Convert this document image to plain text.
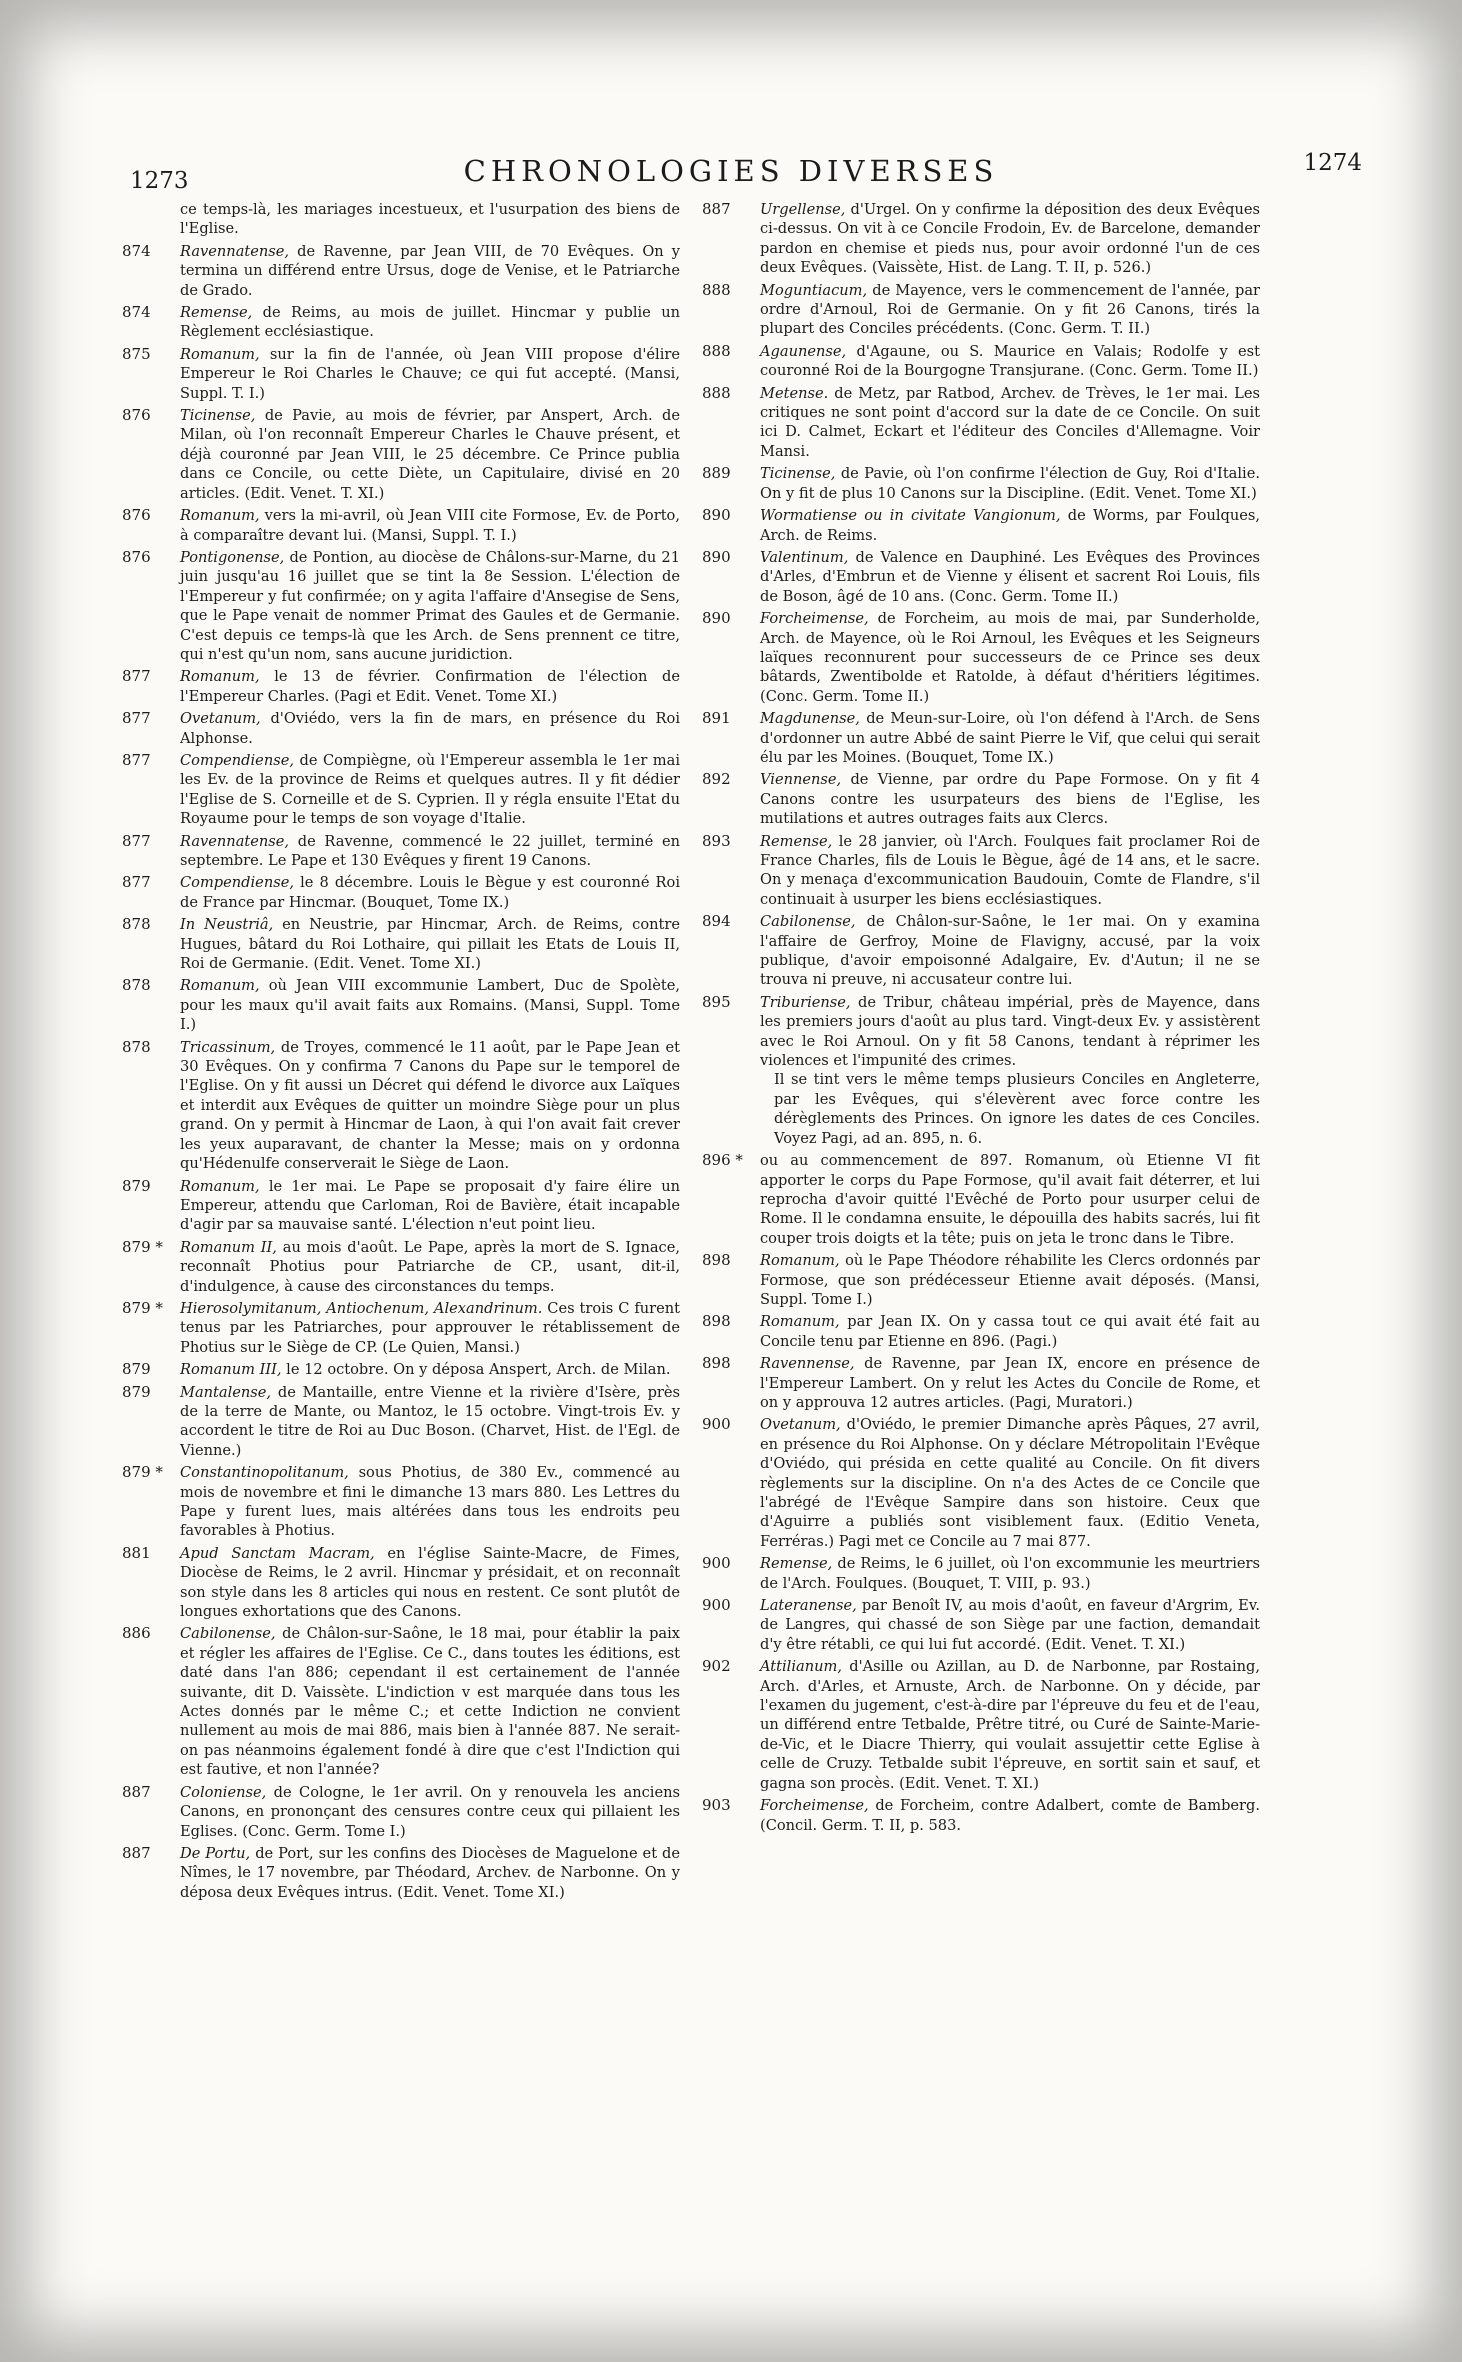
1273	CHRONOLOGIES DIVERSES	1274

ce temps-là, les mariages incestueux, et l'usurpation des biens de l'Eglise.

874	Ravennatense, de Ravenne, par Jean VIII, de 70 Evêques. On y termina un différend entre Ursus, doge de Venise, et le Patriarche de Grado.

874	Remense, de Reims, au mois de juillet. Hincmar y publie un Règlement ecclésiastique.

875	Romanum, sur la fin de l'année, où Jean VIII propose d'élire Empereur le Roi Charles le Chauve; ce qui fut accepté. (Mansi, Suppl. T. I.)

876	Ticinense, de Pavie, au mois de février, par Anspert, Arch. de Milan, où l'on reconnaît Empereur Charles le Chauve présent, et déjà couronné par Jean VIII, le 25 décembre. Ce Prince publia dans ce Concile, ou cette Diète, un Capitulaire, divisé en 20 articles. (Edit. Venet. T. XI.)

876	Romanum, vers la mi-avril, où Jean VIII cite Formose, Ev. de Porto, à comparaître devant lui. (Mansi, Suppl. T. I.)

876	Pontigonense, de Pontion, au diocèse de Châlons-sur-Marne, du 21 juin jusqu'au 16 juillet que se tint la 8e Session. L'élection de l'Empereur y fut confirmée; on y agita l'affaire d'Ansegise de Sens, que le Pape venait de nommer Primat des Gaules et de Germanie. C'est depuis ce temps-là que les Arch. de Sens prennent ce titre, qui n'est qu'un nom, sans aucune juridiction.

877	Romanum, le 13 de février. Confirmation de l'élection de l'Empereur Charles. (Pagi et Edit. Venet. Tome XI.)

877	Ovetanum, d'Oviédo, vers la fin de mars, en présence du Roi Alphonse.

877	Compendiense, de Compiègne, où l'Empereur assembla le 1er mai les Ev. de la province de Reims et quelques autres. Il y fit dédier l'Eglise de S. Corneille et de S. Cyprien. Il y régla ensuite l'Etat du Royaume pour le temps de son voyage d'Italie.

877	Ravennatense, de Ravenne, commencé le 22 juillet, terminé en septembre. Le Pape et 130 Evêques y firent 19 Canons.

877	Compendiense, le 8 décembre. Louis le Bègue y est couronné Roi de France par Hincmar. (Bouquet, Tome IX.)

878	In Neustriâ, en Neustrie, par Hincmar, Arch. de Reims, contre Hugues, bâtard du Roi Lothaire, qui pillait les Etats de Louis II, Roi de Germanie. (Edit. Venet. Tome XI.)

878	Romanum, où Jean VIII excommunie Lambert, Duc de Spolète, pour les maux qu'il avait faits aux Romains. (Mansi, Suppl. Tome I.)

878	Tricassinum, de Troyes, commencé le 11 août, par le Pape Jean et 30 Evêques. On y confirma 7 Canons du Pape sur le temporel de l'Eglise. On y fit aussi un Décret qui défend le divorce aux Laïques et interdit aux Evêques de quitter un moindre Siège pour un plus grand. On y permit à Hincmar de Laon, à qui l'on avait fait crever les yeux auparavant, de chanter la Messe; mais on y ordonna qu'Hédenulfe conserverait le Siège de Laon.

879	Romanum, le 1er mai. Le Pape se proposait d'y faire élire un Empereur, attendu que Carloman, Roi de Bavière, était incapable d'agir par sa mauvaise santé. L'élection n'eut point lieu.

879 *	Romanum II, au mois d'août. Le Pape, après la mort de S. Ignace, reconnaît Photius pour Patriarche de CP., usant, dit-il, d'indulgence, à cause des circonstances du temps.

879 *	Hierosolymitanum, Antiochenum, Alexandrinum. Ces trois C furent tenus par les Patriarches, pour approuver le rétablissement de Photius sur le Siège de CP. (Le Quien, Mansi.)

879	Romanum III, le 12 octobre. On y déposa Anspert, Arch. de Milan.

879	Mantalense, de Mantaille, entre Vienne et la rivière d'Isère, près de la terre de Mante, ou Mantoz, le 15 octobre. Vingt-trois Ev. y accordent le titre de Roi au Duc Boson. (Charvet, Hist. de l'Egl. de Vienne.)

879 *	Constantinopolitanum, sous Photius, de 380 Ev., commencé au mois de novembre et fini le dimanche 13 mars 880. Les Lettres du Pape y furent lues, mais altérées dans tous les endroits peu favorables à Photius.

881	Apud Sanctam Macram, en l'église Sainte-Macre, de Fimes, Diocèse de Reims, le 2 avril. Hincmar y présidait, et on reconnaît son style dans les 8 articles qui nous en restent. Ce sont plutôt de longues exhortations que des Canons.

886	Cabilonense, de Châlon-sur-Saône, le 18 mai, pour établir la paix et régler les affaires de l'Eglise. Ce C., dans toutes les éditions, est daté dans l'an 886; cependant il est certainement de l'année suivante, dit D. Vaissète. L'indiction v est marquée dans tous les Actes donnés par le même C.; et cette Indiction ne convient nullement au mois de mai 886, mais bien à l'année 887. Ne serait-on pas néanmoins également fondé à dire que c'est l'Indiction qui est fautive, et non l'année?

887	Coloniense, de Cologne, le 1er avril. On y renouvela les anciens Canons, en prononçant des censures contre ceux qui pillaient les Eglises. (Conc. Germ. Tome I.)

887	De Portu, de Port, sur les confins des Diocèses de Maguelone et de Nîmes, le 17 novembre, par Théodard, Archev. de Narbonne. On y déposa deux Evêques intrus. (Edit. Venet. Tome XI.)

887	Urgellense, d'Urgel. On y confirme la déposition des deux Evêques ci-dessus. On vit à ce Concile Frodoin, Ev. de Barcelone, demander pardon en chemise et pieds nus, pour avoir ordonné l'un de ces deux Evêques. (Vaissète, Hist. de Lang. T. II, p. 526.)

888	Moguntiacum, de Mayence, vers le commencement de l'année, par ordre d'Arnoul, Roi de Germanie. On y fit 26 Canons, tirés la plupart des Conciles précédents. (Conc. Germ. T. II.)

888	Agaunense, d'Agaune, ou S. Maurice en Valais; Rodolfe y est couronné Roi de la Bourgogne Transjurane. (Conc. Germ. Tome II.)

888	Metense. de Metz, par Ratbod, Archev. de Trèves, le 1er mai. Les critiques ne sont point d'accord sur la date de ce Concile. On suit ici D. Calmet, Eckart et l'éditeur des Conciles d'Allemagne. Voir Mansi.

889	Ticinense, de Pavie, où l'on confirme l'élection de Guy, Roi d'Italie. On y fit de plus 10 Canons sur la Discipline. (Edit. Venet. Tome XI.)

890	Wormatiense ou in civitate Vangionum, de Worms, par Foulques, Arch. de Reims.

890	Valentinum, de Valence en Dauphiné. Les Evêques des Provinces d'Arles, d'Embrun et de Vienne y élisent et sacrent Roi Louis, fils de Boson, âgé de 10 ans. (Conc. Germ. Tome II.)

890	Forcheimense, de Forcheim, au mois de mai, par Sunderholde, Arch. de Mayence, où le Roi Arnoul, les Evêques et les Seigneurs laïques reconnurent pour successeurs de ce Prince ses deux bâtards, Zwentibolde et Ratolde, à défaut d'héritiers légitimes. (Conc. Germ. Tome II.)

891	Magdunense, de Meun-sur-Loire, où l'on défend à l'Arch. de Sens d'ordonner un autre Abbé de saint Pierre le Vif, que celui qui serait élu par les Moines. (Bouquet, Tome IX.)

892	Viennense, de Vienne, par ordre du Pape Formose. On y fit 4 Canons contre les usurpateurs des biens de l'Eglise, les mutilations et autres outrages faits aux Clercs.

893	Remense, le 28 janvier, où l'Arch. Foulques fait proclamer Roi de France Charles, fils de Louis le Bègue, âgé de 14 ans, et le sacre. On y menaça d'excommunication Baudouin, Comte de Flandre, s'il continuait à usurper les biens ecclésiastiques.

894	Cabilonense, de Châlon-sur-Saône, le 1er mai. On y examina l'affaire de Gerfroy, Moine de Flavigny, accusé, par la voix publique, d'avoir empoisonné Adalgaire, Ev. d'Autun; il ne se trouva ni preuve, ni accusateur contre lui.

895	Triburiense, de Tribur, château impérial, près de Mayence, dans les premiers jours d'août au plus tard. Vingt-deux Ev. y assistèrent avec le Roi Arnoul. On y fit 58 Canons, tendant à réprimer les violences et l'impunité des crimes.

Il se tint vers le même temps plusieurs Conciles en Angleterre, par les Evêques, qui s'élevèrent avec force contre les dérèglements des Princes. On ignore les dates de ces Conciles. Voyez Pagi, ad an. 895, n. 6.

896 *	ou au commencement de 897. Romanum, où Etienne VI fit apporter le corps du Pape Formose, qu'il avait fait déterrer, et lui reprocha d'avoir quitté l'Evêché de Porto pour usurper celui de Rome. Il le condamna ensuite, le dépouilla des habits sacrés, lui fit couper trois doigts et la tête; puis on jeta le tronc dans le Tibre.

898	Romanum, où le Pape Théodore réhabilite les Clercs ordonnés par Formose, que son prédécesseur Etienne avait déposés. (Mansi, Suppl. Tome I.)

898	Romanum, par Jean IX. On y cassa tout ce qui avait été fait au Concile tenu par Etienne en 896. (Pagi.)

898	Ravennense, de Ravenne, par Jean IX, encore en présence de l'Empereur Lambert. On y relut les Actes du Concile de Rome, et on y approuva 12 autres articles. (Pagi, Muratori.)

900	Ovetanum, d'Oviédo, le premier Dimanche après Pâques, 27 avril, en présence du Roi Alphonse. On y déclare Métropolitain l'Evêque d'Oviédo, qui présida en cette qualité au Concile. On fit divers règlements sur la discipline. On n'a des Actes de ce Concile que l'abrégé de l'Evêque Sampire dans son histoire. Ceux que d'Aguirre a publiés sont visiblement faux. (Editio Veneta, Ferréras.) Pagi met ce Concile au 7 mai 877.

900	Remense, de Reims, le 6 juillet, où l'on excommunie les meurtriers de l'Arch. Foulques. (Bouquet, T. VIII, p. 93.)

900	Lateranense, par Benoît IV, au mois d'août, en faveur d'Argrim, Ev. de Langres, qui chassé de son Siège par une faction, demandait d'y être rétabli, ce qui lui fut accordé. (Edit. Venet. T. XI.)

902	Attilianum, d'Asille ou Azillan, au D. de Narbonne, par Rostaing, Arch. d'Arles, et Arnuste, Arch. de Narbonne. On y décide, par l'examen du jugement, c'est-à-dire par l'épreuve du feu et de l'eau, un différend entre Tetbalde, Prêtre titré, ou Curé de Sainte-Marie-de-Vic, et le Diacre Thierry, qui voulait assujettir cette Eglise à celle de Cruzy. Tetbalde subit l'épreuve, en sortit sain et sauf, et gagna son procès. (Edit. Venet. T. XI.)

903	Forcheimense, de Forcheim, contre Adalbert, comte de Bamberg. (Concil. Germ. T. II, p. 583.
